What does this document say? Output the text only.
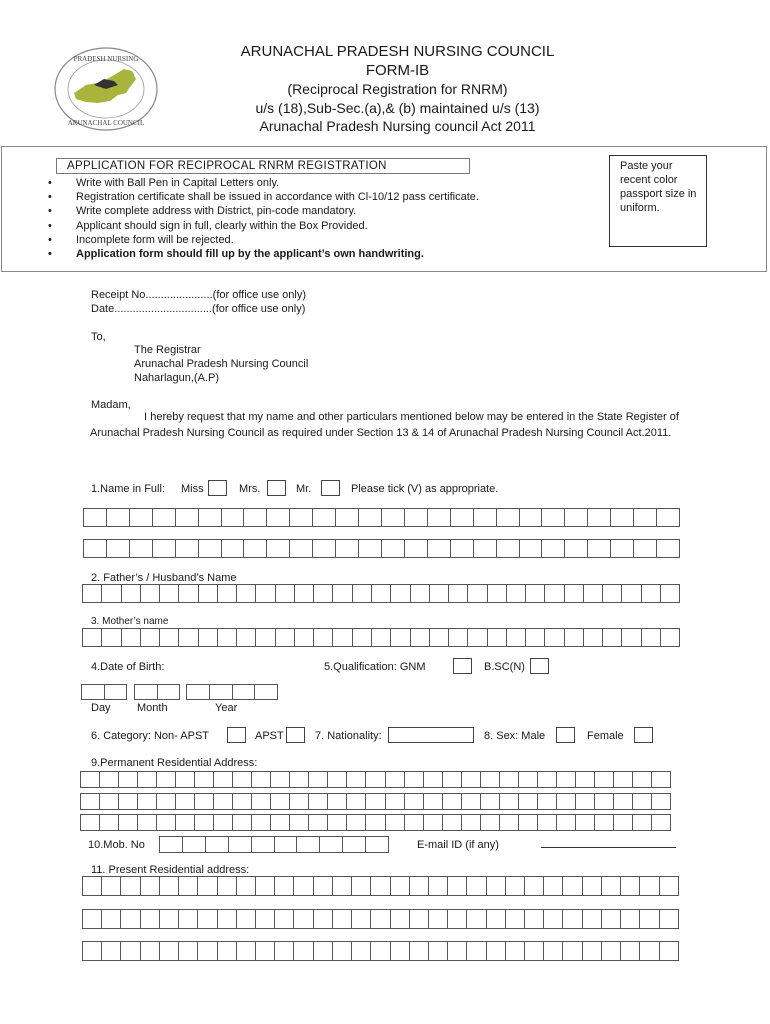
PRADESH NURSING
ARUNACHAL COUNCIL
ARUNACHAL PRADESH NURSING COUNCIL
FORM-IB
(Reciprocal Registration for RNRM)
u/s (18),Sub-Sec.(a),& (b) maintained u/s (13)
Arunachal Pradesh Nursing council Act 2011
APPLICATION FOR RECIPROCAL RNRM REGISTRATION
• Write with Ball Pen in Capital Letters only.
• Registration certificate shall be issued in accordance with Cl-10/12 pass certificate.
• Write complete address with District, pin-code mandatory.
• Applicant should sign in full, clearly within the Box Provided.
• Incomplete form will be rejected.
• Application form should fill up by the applicant’s own handwriting.
Paste your recent color passport size in uniform.
Receipt No......................(for office use only)
Date................................(for office use only)
To,
The Registrar
Arunachal Pradesh Nursing Council
Naharlagun,(A.P)
Madam,
I hereby request that my name and other particulars mentioned below may be entered in the State Register of Arunachal Pradesh Nursing Council as required under Section 13 & 14 of Arunachal Pradesh Nursing Council Act.2011.
1.Name in Full: Miss	Mrs.	Mr.	Please tick (V) as appropriate.
2. Father’s / Husband’s Name
3. Mother’s name
4.Date of Birth:	5.Qualification: GNM	B.SC(N)
Day Month	Year
6. Category: Non- APST	APST	7. Nationality:	8. Sex: Male	Female
9.Permanent Residential Address:
10.Mob. No	E-mail ID (if any)
11. Present Residential address:
